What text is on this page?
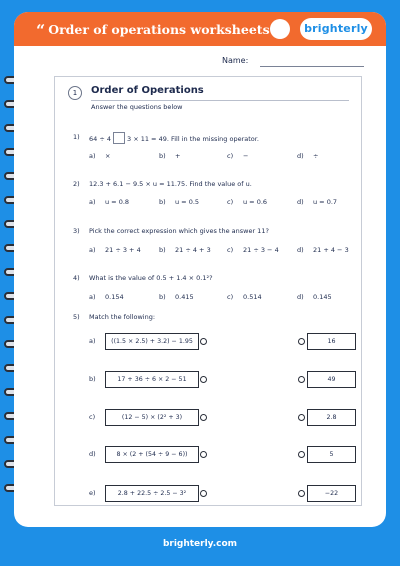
“ Order of operations worksheets	brighterly
Name:
1	Order of Operations
Answer the questions below
1) 64 ÷ 4 3 × 11 = 49. Fill in the missing operator.
a) ×	b) +	c) −	d) ÷
2) 12.3 + 6.1 − 9.5 × u = 11.75. Find the value of u.
a) u = 0.8	b) u = 0.5	c) u = 0.6	d) u = 0.7
3) Pick the correct expression which gives the answer 11?
a) 21 ÷ 3 + 4	b) 21 ÷ 4 + 3	c) 21 ÷ 3 − 4	d) 21 + 4 − 3
4) What is the value of 0.5 + 1.4 × 0.1²?
a) 0.154	b) 0.415	c) 0.514	d) 0.145
5) Match the following:
a)	((1.5 × 2.5) + 3.2) − 1.95	16
b)	17 + 36 ÷ 6 × 2 − 51	49
c)	(12 − 5) × (2² + 3)	2.8
d)	8 × (2 + (54 ÷ 9 − 6))	5
e)	2.8 + 22.5 ÷ 2.5 − 3²	−22
brighterly.com
